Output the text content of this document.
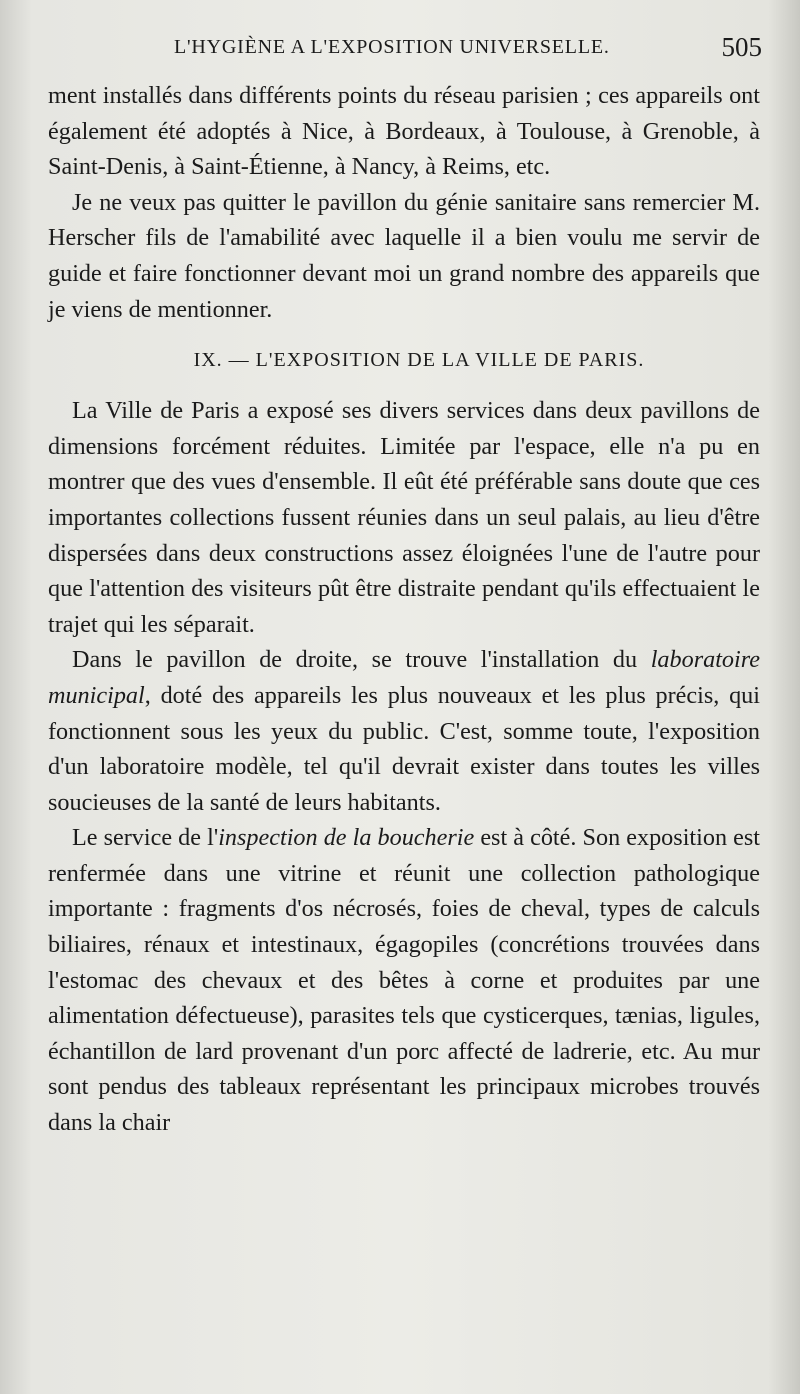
L'HYGIÈNE A L'EXPOSITION UNIVERSELLE.	505

ment installés dans différents points du réseau parisien ; ces appareils ont également été adoptés à Nice, à Bordeaux, à Toulouse, à Grenoble, à Saint-Denis, à Saint-Étienne, à Nancy, à Reims, etc.

Je ne veux pas quitter le pavillon du génie sanitaire sans remercier M. Herscher fils de l'amabilité avec laquelle il a bien voulu me servir de guide et faire fonctionner devant moi un grand nombre des appareils que je viens de mentionner.

IX. — L'EXPOSITION DE LA VILLE DE PARIS.

La Ville de Paris a exposé ses divers services dans deux pavillons de dimensions forcément réduites. Limitée par l'espace, elle n'a pu en montrer que des vues d'ensemble. Il eût été préférable sans doute que ces importantes collections fussent réunies dans un seul palais, au lieu d'être dispersées dans deux constructions assez éloignées l'une de l'autre pour que l'attention des visiteurs pût être distraite pendant qu'ils effectuaient le trajet qui les séparait.

Dans le pavillon de droite, se trouve l'installation du laboratoire municipal, doté des appareils les plus nouveaux et les plus précis, qui fonctionnent sous les yeux du public. C'est, somme toute, l'exposition d'un laboratoire modèle, tel qu'il devrait exister dans toutes les villes soucieuses de la santé de leurs habitants.

Le service de l'inspection de la boucherie est à côté. Son exposition est renfermée dans une vitrine et réunit une collection pathologique importante : fragments d'os nécrosés, foies de cheval, types de calculs biliaires, rénaux et intestinaux, égagopiles (concrétions trouvées dans l'estomac des chevaux et des bêtes à corne et produites par une alimentation défectueuse), parasites tels que cysticerques, tænias, ligules, échantillon de lard provenant d'un porc affecté de ladrerie, etc. Au mur sont pendus des tableaux représentant les principaux microbes trouvés dans la chair
